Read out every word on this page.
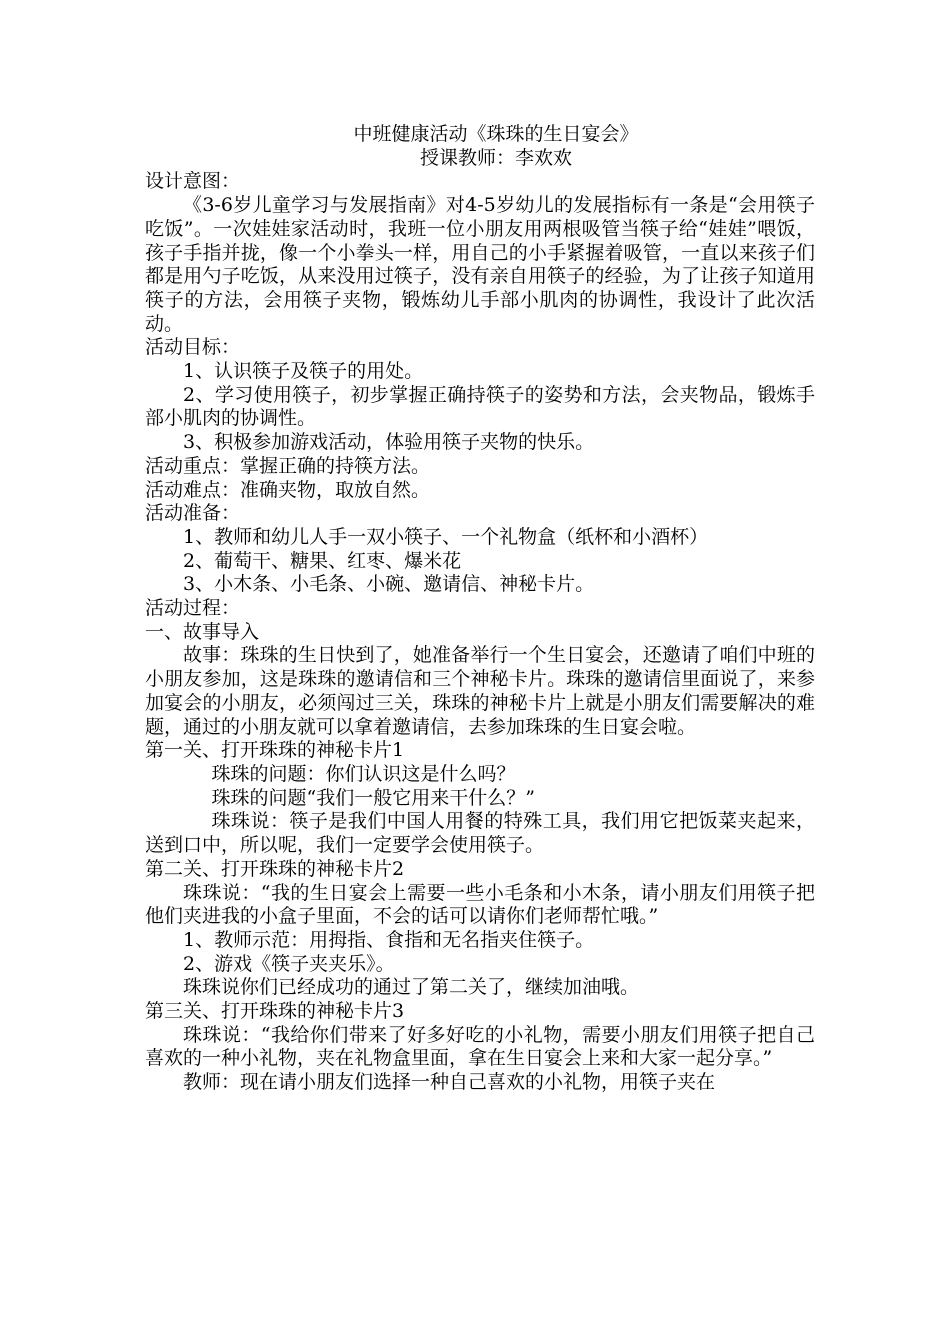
中班健康活动《珠珠的生日宴会》

授课教师：李欢欢

设计意图：

《3-6岁儿童学习与发展指南》对4-5岁幼儿的发展指标有一条是“会用筷子吃饭”。一次娃娃家活动时，我班一位小朋友用两根吸管当筷子给“娃娃”喂饭，孩子手指并拢，像一个小拳头一样，用自己的小手紧握着吸管，一直以来孩子们都是用勺子吃饭，从来没用过筷子，没有亲自用筷子的经验，为了让孩子知道用筷子的方法，会用筷子夹物，锻炼幼儿手部小肌肉的协调性，我设计了此次活动。

活动目标：

1、认识筷子及筷子的用处。

2、学习使用筷子，初步掌握正确持筷子的姿势和方法，会夹物品，锻炼手部小肌肉的协调性。

3、积极参加游戏活动，体验用筷子夹物的快乐。

活动重点：掌握正确的持筷方法。

活动难点：准确夹物，取放自然。

活动准备：

1、教师和幼儿人手一双小筷子、一个礼物盒（纸杯和小酒杯）

2、葡萄干、糖果、红枣、爆米花

3、小木条、小毛条、小碗、邀请信、神秘卡片。

活动过程：

一、故事导入

故事：珠珠的生日快到了，她准备举行一个生日宴会，还邀请了咱们中班的小朋友参加，这是珠珠的邀请信和三个神秘卡片。珠珠的邀请信里面说了，来参加宴会的小朋友，必须闯过三关，珠珠的神秘卡片上就是小朋友们需要解决的难题，通过的小朋友就可以拿着邀请信，去参加珠珠的生日宴会啦。

第一关、打开珠珠的神秘卡片1

珠珠的问题：你们认识这是什么吗？

珠珠的问题“我们一般它用来干什么？”

珠珠说：筷子是我们中国人用餐的特殊工具，我们用它把饭菜夹起来，送到口中，所以呢，我们一定要学会使用筷子。

第二关、打开珠珠的神秘卡片2

珠珠说：“我的生日宴会上需要一些小毛条和小木条，请小朋友们用筷子把他们夹进我的小盒子里面，不会的话可以请你们老师帮忙哦。”

1、教师示范：用拇指、食指和无名指夹住筷子。

2、游戏《筷子夹夹乐》。

珠珠说你们已经成功的通过了第二关了，继续加油哦。

第三关、打开珠珠的神秘卡片3

珠珠说：“我给你们带来了好多好吃的小礼物，需要小朋友们用筷子把自己喜欢的一种小礼物，夹在礼物盒里面，拿在生日宴会上来和大家一起分享。”

教师：现在请小朋友们选择一种自己喜欢的小礼物，用筷子夹在
